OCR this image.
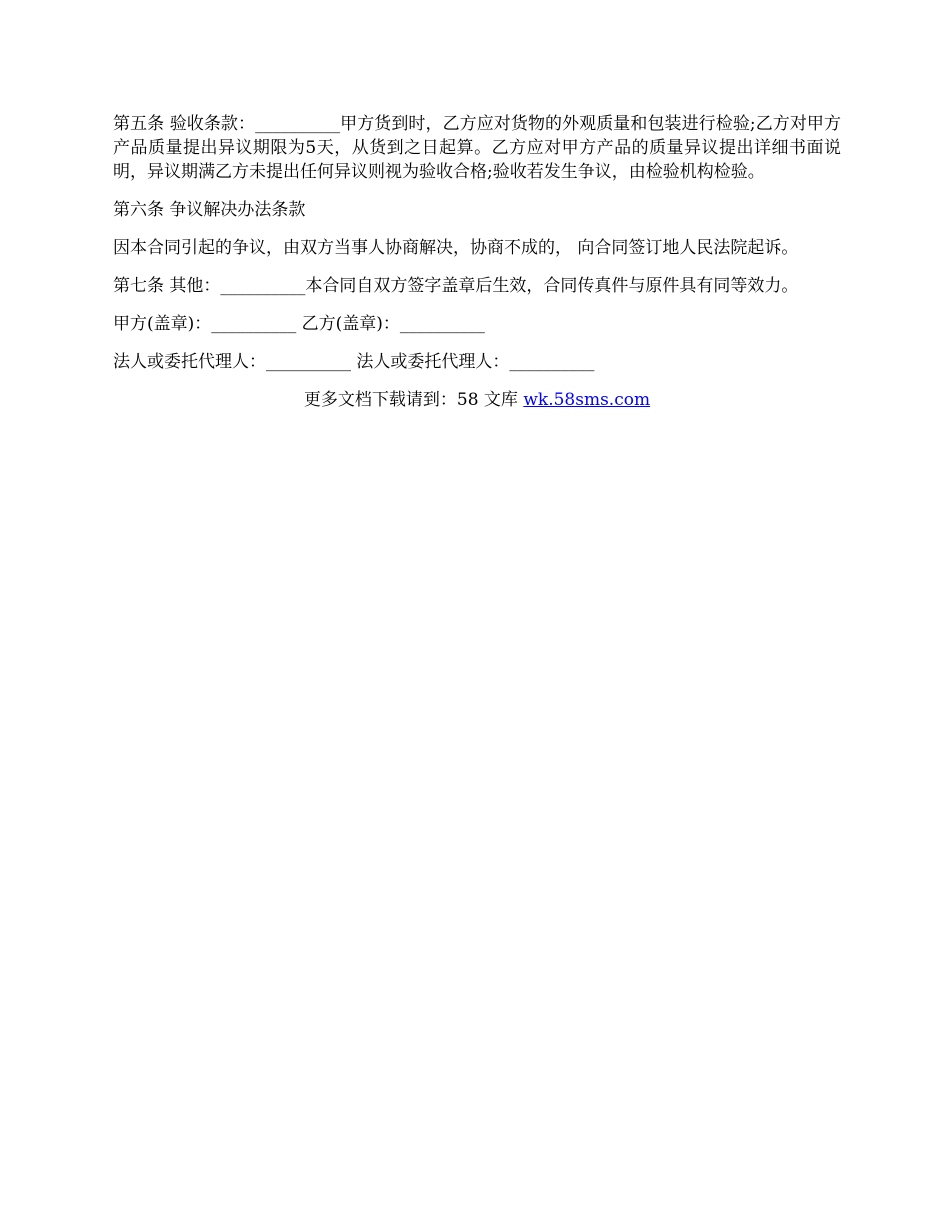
第五条 验收条款：__________甲方货到时，乙方应对货物的外观质量和包装进行检验;乙方对甲方产品质量提出异议期限为5天，从货到之日起算。乙方应对甲方产品的质量异议提出详细书面说明，异议期满乙方未提出任何异议则视为验收合格;验收若发生争议，由检验机构检验。

第六条 争议解决办法条款

因本合同引起的争议，由双方当事人协商解决，协商不成的， 向合同签订地人民法院起诉。

第七条 其他：__________本合同自双方签字盖章后生效，合同传真件与原件具有同等效力。

甲方(盖章)：__________ 乙方(盖章)：__________

法人或委托代理人：__________ 法人或委托代理人：__________

更多文档下载请到：58 文库 wk.58sms.com
